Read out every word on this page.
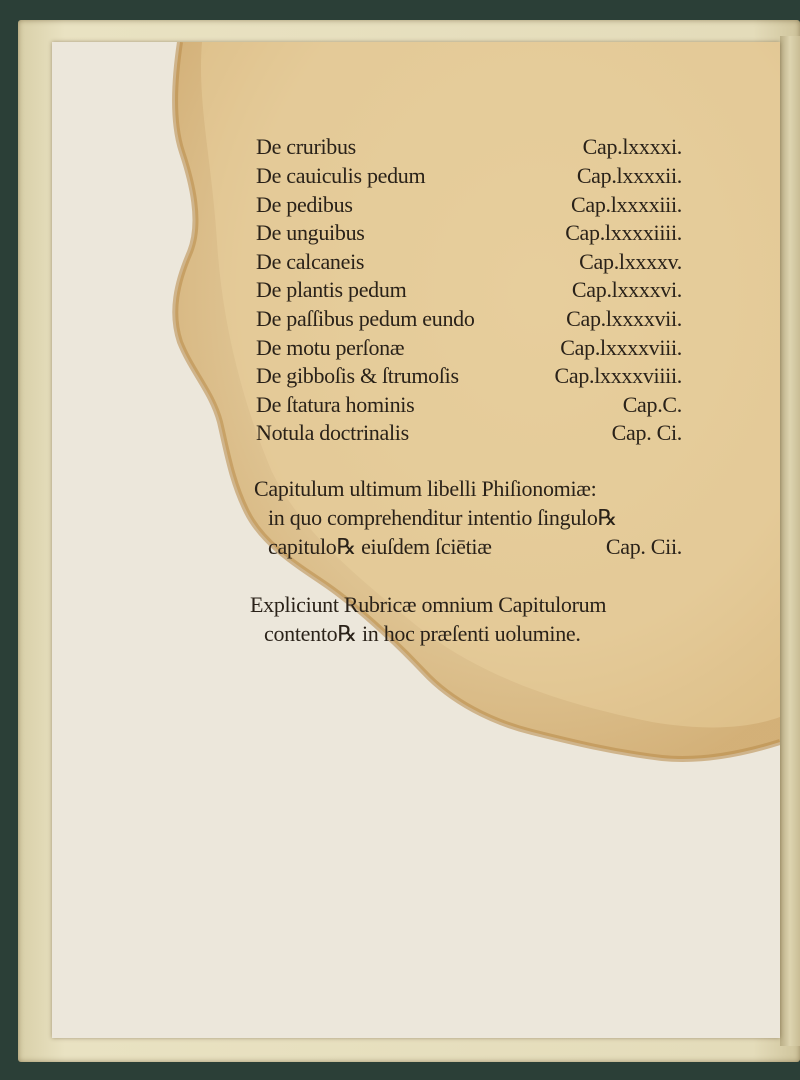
De cruribus	Cap.lxxxxi.
De cauiculis pedum	Cap.lxxxxii.
De pedibus	Cap.lxxxxiii.
De unguibus	Cap.lxxxxiiii.
De calcaneis	Cap.lxxxxv.
De plantis pedum	Cap.lxxxxvi.
De paſſibus pedum eundo	Cap.lxxxxvii.
De motu perſonæ	Cap.lxxxxviii.
De gibboſis & ſtrumoſis	Cap.lxxxxviiii.
De ſtatura hominis	Cap.C.
Notula doctrinalis	Cap. Ci.
Capitulum ultimum libelli Phiſionomiæ:
in quo comprehenditur intentio ſingulo℞
capitulo℞ eiuſdem ſciētiæ	Cap. Cii.
Expliciunt Rubricæ omnium Capitulorum
contento℞ in hoc præſenti uolumine.
